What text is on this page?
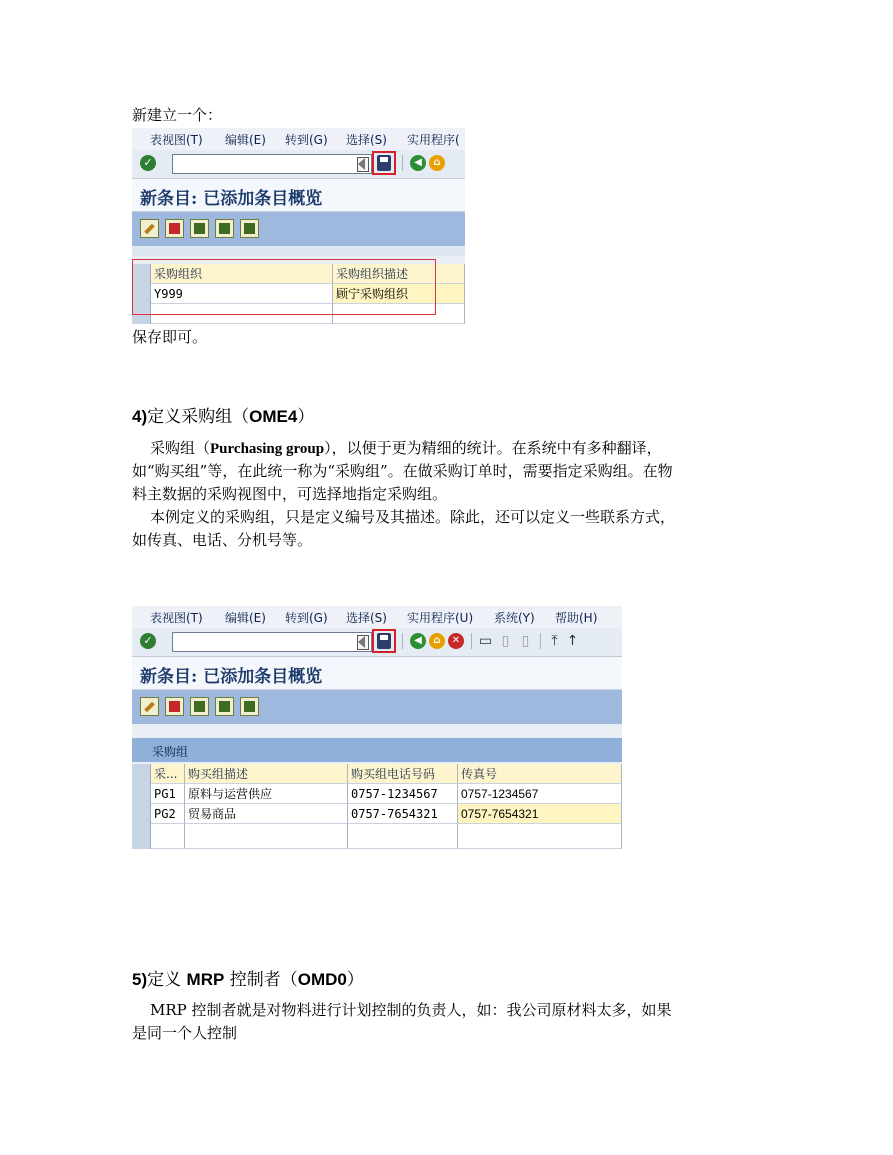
新建立一个：
表视图(T) 编辑(E) 转到(G) 选择(S) 实用程序(
✓	▾	◀	⌂
新条目: 已添加条目概览
采购组织	采购组织描述
Y999	顾宁采购组织
保存即可。
4)定义采购组（OME4）
采购组（Purchasing group），以便于更为精细的统计。在系统中有多种翻译，
如“购买组”等，在此统一称为“采购组”。在做采购订单时，需要指定采购组。在物
料主数据的采购视图中，可选择地指定采购组。
本例定义的采购组，只是定义编号及其描述。除此，还可以定义一些联系方式，
如传真、电话、分机号等。
表视图(T) 编辑(E) 转到(G) 选择(S) 实用程序(U) 系统(Y) 帮助(H)
✓	▾	◀	⌂	✕ ▭ ▯ ▯	⤒ ↑
新条目: 已添加条目概览
采购组
采... 购买组描述	购买组电话号码	传真号
PG1	原料与运营供应	0757-1234567	0757-1234567
PG2	贸易商品	0757-7654321	0757-7654321
5)定义 MRP 控制者（OMD0）
MRP 控制者就是对物料进行计划控制的负责人，如：我公司原材料太多，如果
是同一个人控制
